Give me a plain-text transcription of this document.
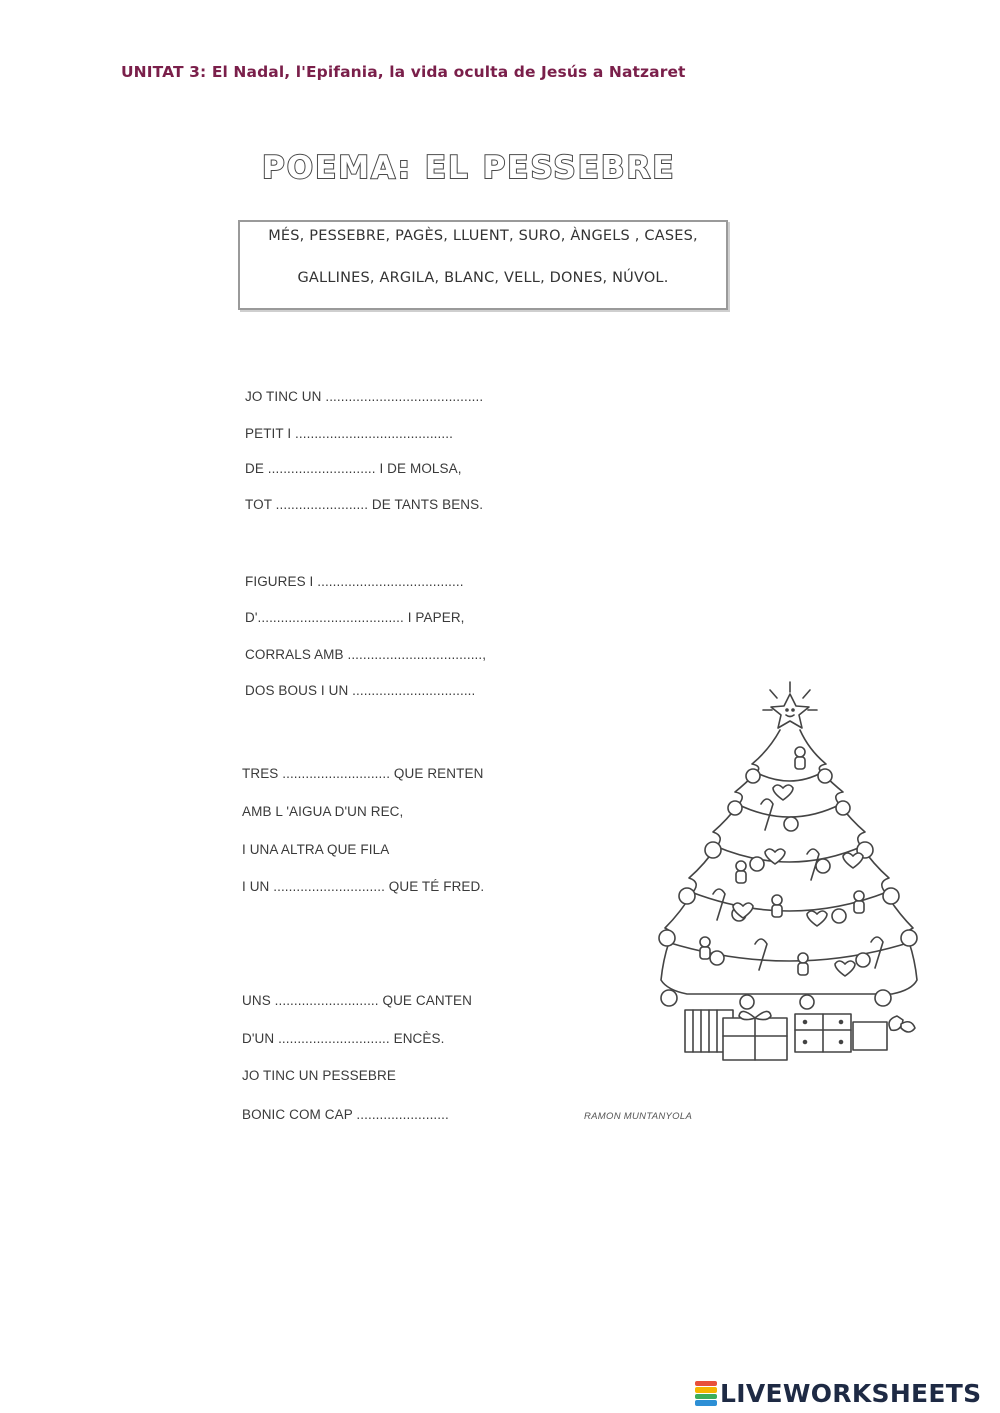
UNITAT 3: El Nadal, l'Epifania, la vida oculta de Jesús a Natzaret
POEMA: EL PESSEBRE
MÉS, PESSEBRE, PAGÈS, LLUENT, SURO, ÀNGELS , CASES,
GALLINES, ARGILA, BLANC, VELL, DONES, NÚVOL.
JO TINC UN .........................................
PETIT I .........................................
DE ............................ I DE MOLSA,
TOT ........................ DE TANTS BENS.
FIGURES I ......................................
D'...................................... I PAPER,
CORRALS AMB ...................................,
DOS BOUS I UN ................................
TRES ............................ QUE RENTEN
AMB L 'AIGUA D'UN REC,
I UNA ALTRA QUE FILA
I UN ............................. QUE TÉ FRED.
UNS ........................... QUE CANTEN
D'UN ............................. ENCÈS.
JO TINC UN PESSEBRE
BONIC COM CAP ........................	RAMON MUNTANYOLA
LIVEWORKSHEETS
